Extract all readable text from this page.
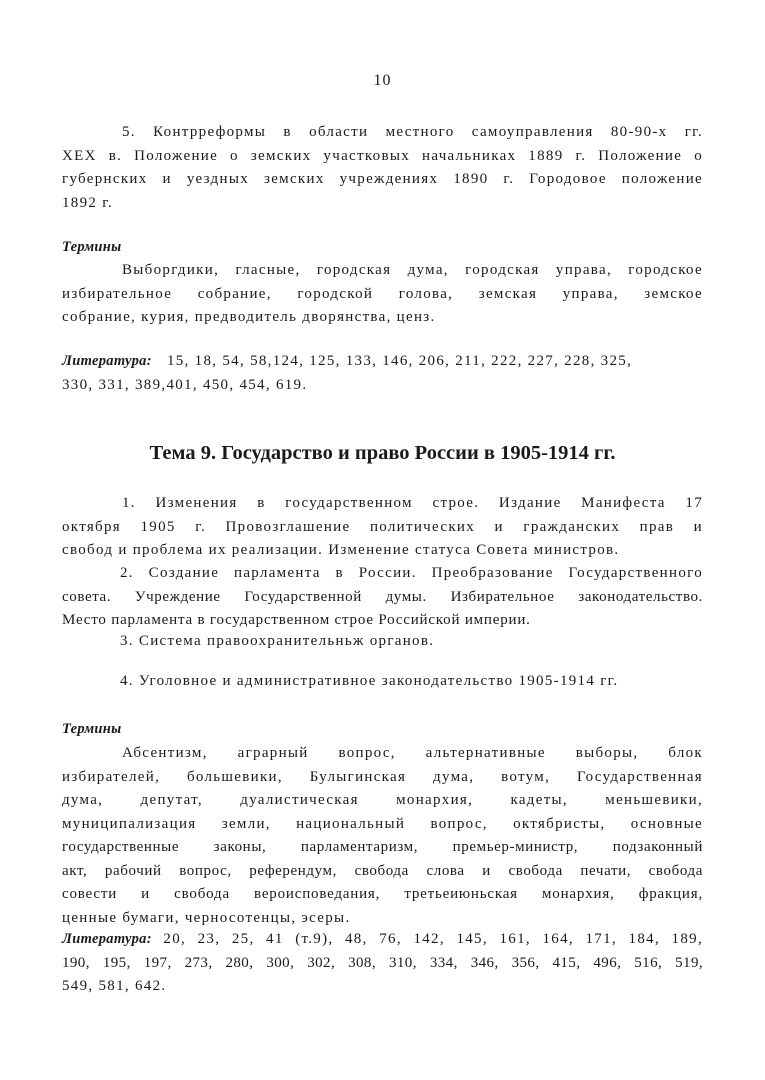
10
5. Контрреформы в области местного самоуправления 80-90-х гг.
XEX в. Положение о земских участковых начальниках 1889 г. Положение о
губернских и уездных земских учреждениях 1890 г. Городовое положение
1892 г.
Термины
Выборгдики, гласные, городская дума, городская управа, городское
избирательное собрание, городской голова, земская управа, земское
собрание, курия, предводитель дворянства, ценз.
Литература: 15, 18, 54, 58,124, 125, 133, 146, 206, 211, 222, 227, 228, 325,
330, 331, 389,401, 450, 454, 619.
Тема 9. Государство и право России в 1905-1914 гг.
1. Изменения в государственном строе. Издание Манифеста 17
октября 1905 г. Провозглашение политических и гражданских прав и
свобод и проблема их реализации. Изменение статуса Совета министров.
2. Создание парламента в России. Преобразование Государственного
совета. Учреждение Государственной думы. Избирательное законодательство.
Место парламента в государственном строе Российской империи.
3. Система правоохранительньж органов.
4. Уголовное и административное законодательство 1905-1914 гг.
Термины
Абсентизм, аграрный вопрос, альтернативные выборы, блок
избирателей, большевики, Булыгинская дума, вотум, Государственная
дума, депутат, дуалистическая монархия, кадеты, меньшевики,
муниципализация земли, национальный вопрос, октябристы, основные
государственные законы, парламентаризм, премьер-министр, подзаконный
акт, рабочий вопрос, референдум, свобода слова и свобода печати, свобода
совести и свобода вероисповедания, третьеиюньская монархия, фракция,
ценные бумаги, черносотенцы, эсеры.
Литература: 20, 23, 25, 41 (т.9), 48, 76, 142, 145, 161, 164, 171, 184, 189,
190, 195, 197, 273, 280, 300, 302, 308, 310, 334, 346, 356, 415, 496, 516, 519,
549, 581, 642.
